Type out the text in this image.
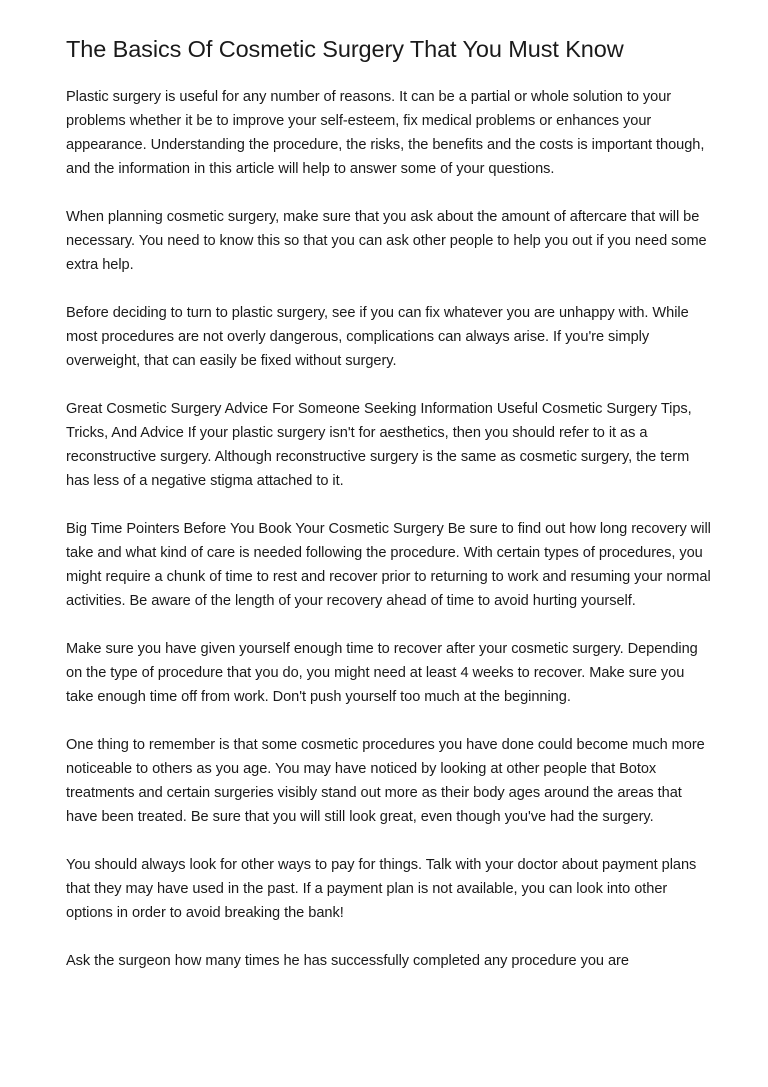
The Basics Of Cosmetic Surgery That You Must Know

Plastic surgery is useful for any number of reasons. It can be a partial or whole solution to your problems whether it be to improve your self-esteem, fix medical problems or enhances your appearance. Understanding the procedure, the risks, the benefits and the costs is important though, and the information in this article will help to answer some of your questions.

When planning cosmetic surgery, make sure that you ask about the amount of aftercare that will be necessary. You need to know this so that you can ask other people to help you out if you need some extra help.

Before deciding to turn to plastic surgery, see if you can fix whatever you are unhappy with. While most procedures are not overly dangerous, complications can always arise. If you're simply overweight, that can easily be fixed without surgery.

Great Cosmetic Surgery Advice For Someone Seeking Information Useful Cosmetic Surgery Tips, Tricks, And Advice If your plastic surgery isn't for aesthetics, then you should refer to it as a reconstructive surgery. Although reconstructive surgery is the same as cosmetic surgery, the term has less of a negative stigma attached to it.

Big Time Pointers Before You Book Your Cosmetic Surgery Be sure to find out how long recovery will take and what kind of care is needed following the procedure. With certain types of procedures, you might require a chunk of time to rest and recover prior to returning to work and resuming your normal activities. Be aware of the length of your recovery ahead of time to avoid hurting yourself.

Make sure you have given yourself enough time to recover after your cosmetic surgery. Depending on the type of procedure that you do, you might need at least 4 weeks to recover. Make sure you take enough time off from work. Don't push yourself too much at the beginning.

One thing to remember is that some cosmetic procedures you have done could become much more noticeable to others as you age. You may have noticed by looking at other people that Botox treatments and certain surgeries visibly stand out more as their body ages around the areas that have been treated. Be sure that you will still look great, even though you've had the surgery.

You should always look for other ways to pay for things. Talk with your doctor about payment plans that they may have used in the past. If a payment plan is not available, you can look into other options in order to avoid breaking the bank!

Ask the surgeon how many times he has successfully completed any procedure you are
